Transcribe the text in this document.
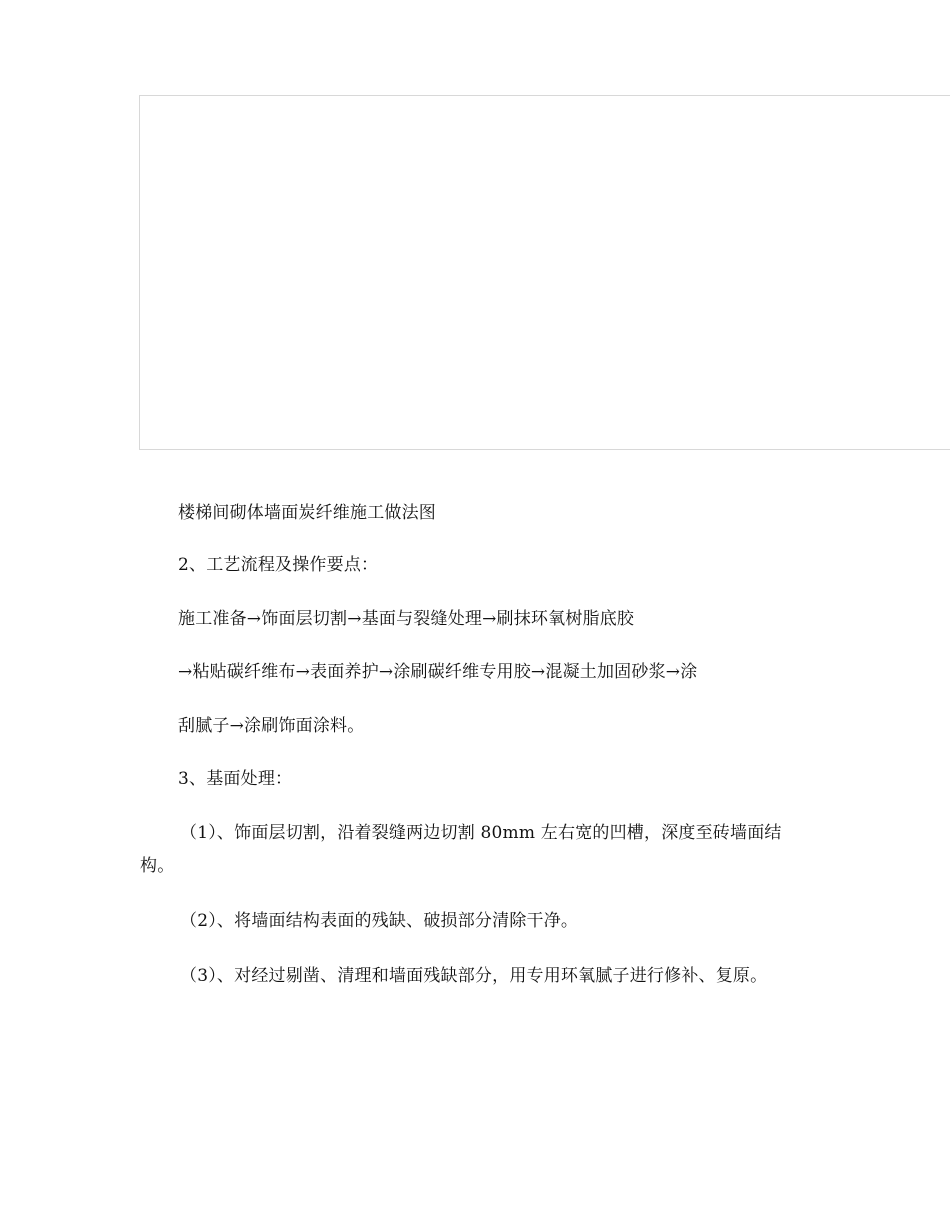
楼梯间砌体墙面炭纤维施工做法图
2、工艺流程及操作要点：
施工准备→饰面层切割→基面与裂缝处理→刷抹环氧树脂底胶
→粘贴碳纤维布→表面养护→涂刷碳纤维专用胶→混凝土加固砂浆→涂
刮腻子→涂刷饰面涂料。
3、基面处理：
（1）、饰面层切割，沿着裂缝两边切割 80mm 左右宽的凹槽，深度至砖墙面结构。
（2）、将墙面结构表面的残缺、破损部分清除干净。
（3）、对经过剔凿、清理和墙面残缺部分，用专用环氧腻子进行修补、复原。
